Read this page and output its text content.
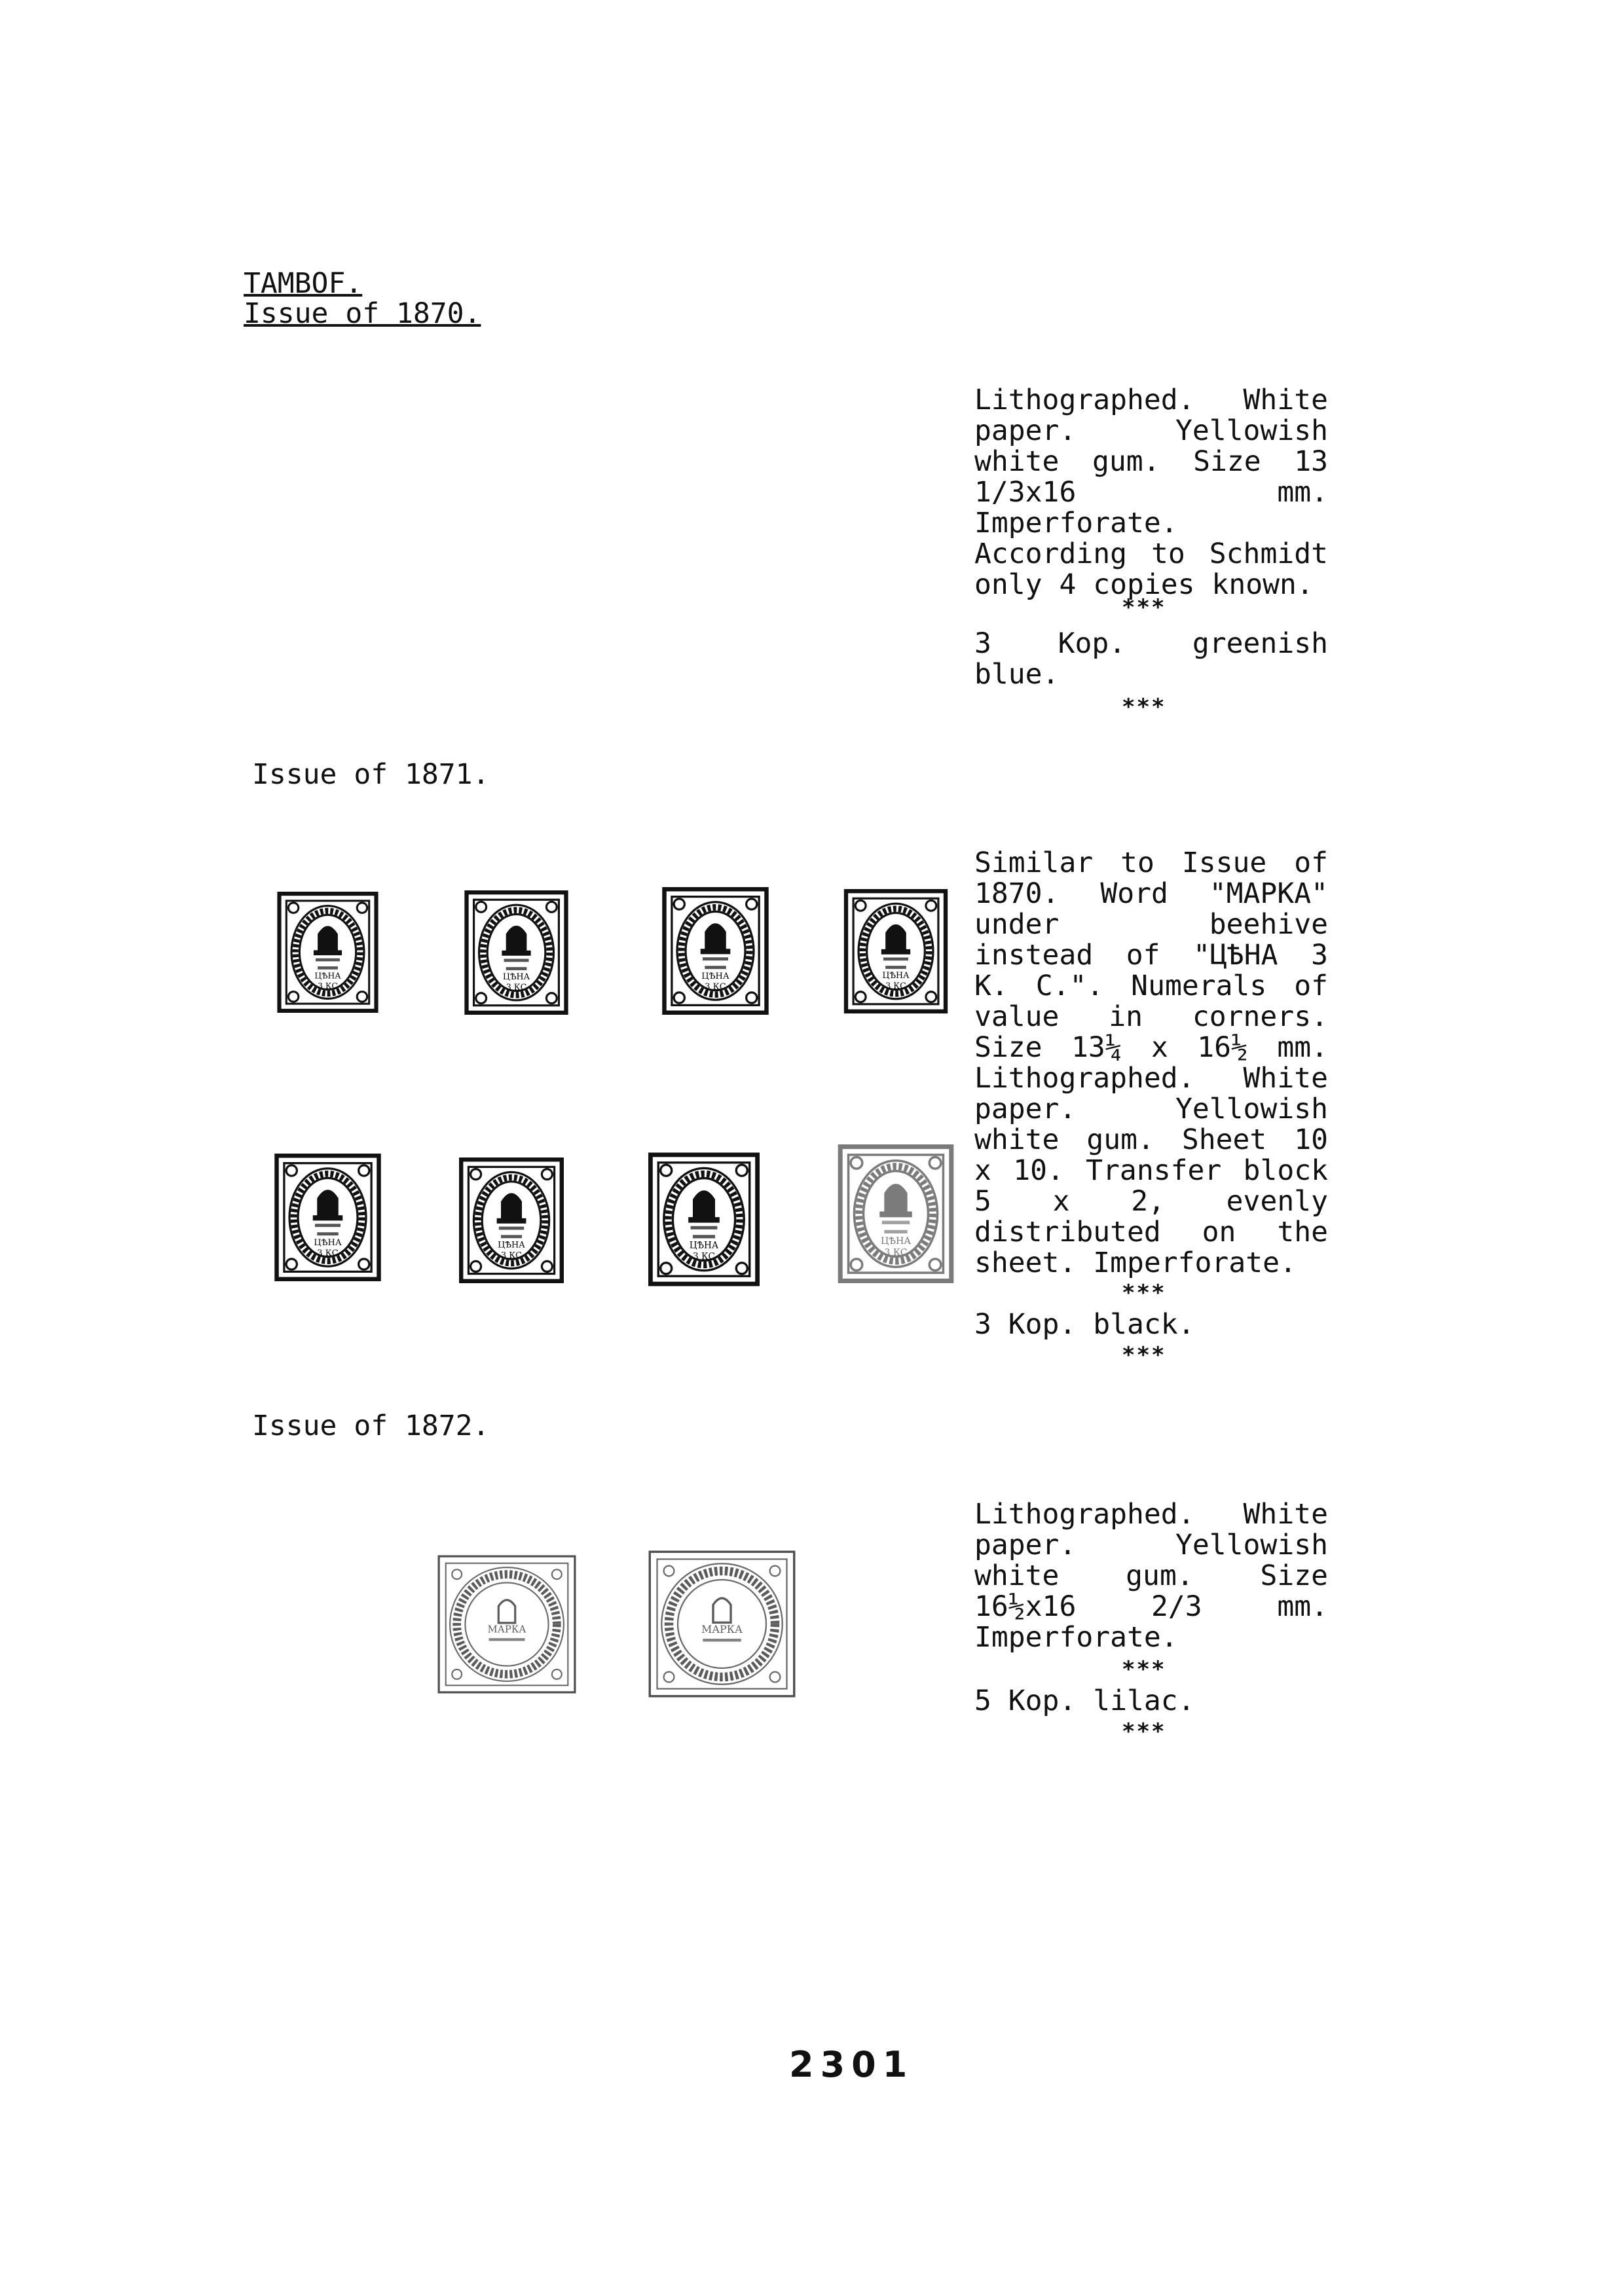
TAMBOF.
Issue of 1870.

Lithographed. White paper. Yellowish white gum. Size 13 1/3x16 mm. Imperforate. According to Schmidt only 4 copies known.

***

3 Kop. greenish blue.

***
Issue of 1871.

Similar to Issue of 1870. Word "MAPKA" under beehive instead of "ЦѢНА 3 K. C.". Numerals of value in corners. Size 13¼ x 16½ mm. Lithographed. White paper. Yellowish white gum. Sheet 10 x 10. Transfer block 5 x 2, evenly distributed on the sheet. Imperforate.

***

3 Kop. black.

***
ЦѢНА
3 КС
ЦѢНА
3 КС
ЦѢНА
3 КС
ЦѢНА
3 КС
ЦѢНА
3 КС
ЦѢНА
3 КС
ЦѢНА
3 КС
ЦѢНА
3 КС
Issue of 1872.

Lithographed. White paper. Yellowish white gum. Size 16½x16 2/3 mm. Imperforate.

***

5 Kop. lilac.

***
МАРКА	МАРКА
2301
